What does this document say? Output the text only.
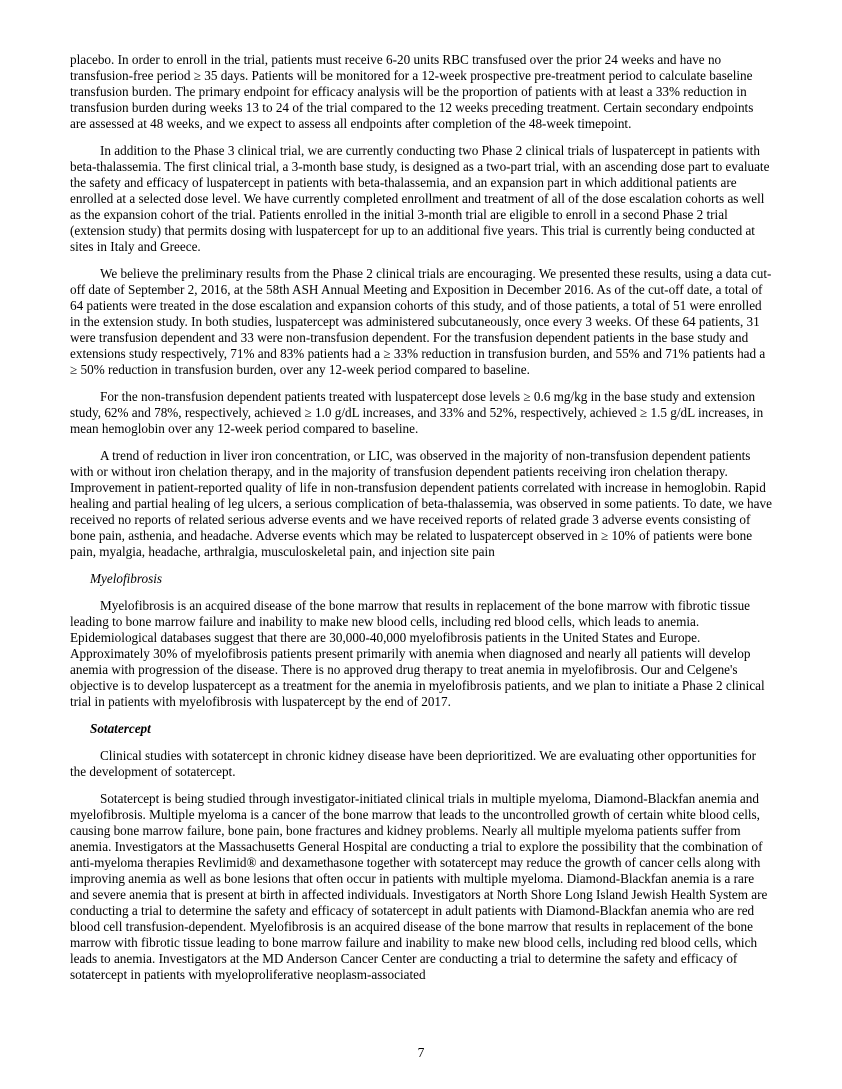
placebo. In order to enroll in the trial, patients must receive 6-20 units RBC transfused over the prior 24 weeks and have no transfusion-free period ≥ 35 days. Patients will be monitored for a 12-week prospective pre-treatment period to calculate baseline transfusion burden. The primary endpoint for efficacy analysis will be the proportion of patients with at least a 33% reduction in transfusion burden during weeks 13 to 24 of the trial compared to the 12 weeks preceding treatment. Certain secondary endpoints are assessed at 48 weeks, and we expect to assess all endpoints after completion of the 48-week timepoint.

In addition to the Phase 3 clinical trial, we are currently conducting two Phase 2 clinical trials of luspatercept in patients with beta-thalassemia. The first clinical trial, a 3-month base study, is designed as a two-part trial, with an ascending dose part to evaluate the safety and efficacy of luspatercept in patients with beta-thalassemia, and an expansion part in which additional patients are enrolled at a selected dose level. We have currently completed enrollment and treatment of all of the dose escalation cohorts as well as the expansion cohort of the trial. Patients enrolled in the initial 3-month trial are eligible to enroll in a second Phase 2 trial (extension study) that permits dosing with luspatercept for up to an additional five years. This trial is currently being conducted at sites in Italy and Greece.

We believe the preliminary results from the Phase 2 clinical trials are encouraging. We presented these results, using a data cut-off date of September 2, 2016, at the 58th ASH Annual Meeting and Exposition in December 2016. As of the cut-off date, a total of 64 patients were treated in the dose escalation and expansion cohorts of this study, and of those patients, a total of 51 were enrolled in the extension study. In both studies, luspatercept was administered subcutaneously, once every 3 weeks. Of these 64 patients, 31 were transfusion dependent and 33 were non-transfusion dependent. For the transfusion dependent patients in the base study and extensions study respectively, 71% and 83% patients had a ≥ 33% reduction in transfusion burden, and 55% and 71% patients had a ≥ 50% reduction in transfusion burden, over any 12-week period compared to baseline.

For the non-transfusion dependent patients treated with luspatercept dose levels ≥ 0.6 mg/kg in the base study and extension study, 62% and 78%, respectively, achieved ≥ 1.0 g/dL increases, and 33% and 52%, respectively, achieved ≥ 1.5 g/dL increases, in mean hemoglobin over any 12-week period compared to baseline.

A trend of reduction in liver iron concentration, or LIC, was observed in the majority of non-transfusion dependent patients with or without iron chelation therapy, and in the majority of transfusion dependent patients receiving iron chelation therapy. Improvement in patient-reported quality of life in non-transfusion dependent patients correlated with increase in hemoglobin. Rapid healing and partial healing of leg ulcers, a serious complication of beta-thalassemia, was observed in some patients. To date, we have received no reports of related serious adverse events and we have received reports of related grade 3 adverse events consisting of bone pain, asthenia, and headache. Adverse events which may be related to luspatercept observed in ≥ 10% of patients were bone pain, myalgia, headache, arthralgia, musculoskeletal pain, and injection site pain

Myelofibrosis

Myelofibrosis is an acquired disease of the bone marrow that results in replacement of the bone marrow with fibrotic tissue leading to bone marrow failure and inability to make new blood cells, including red blood cells, which leads to anemia. Epidemiological databases suggest that there are 30,000-40,000 myelofibrosis patients in the United States and Europe. Approximately 30% of myelofibrosis patients present primarily with anemia when diagnosed and nearly all patients will develop anemia with progression of the disease. There is no approved drug therapy to treat anemia in myelofibrosis. Our and Celgene's objective is to develop luspatercept as a treatment for the anemia in myelofibrosis patients, and we plan to initiate a Phase 2 clinical trial in patients with myelofibrosis with luspatercept by the end of 2017.

Sotatercept

Clinical studies with sotatercept in chronic kidney disease have been deprioritized. We are evaluating other opportunities for the development of sotatercept.

Sotatercept is being studied through investigator-initiated clinical trials in multiple myeloma, Diamond-Blackfan anemia and myelofibrosis. Multiple myeloma is a cancer of the bone marrow that leads to the uncontrolled growth of certain white blood cells, causing bone marrow failure, bone pain, bone fractures and kidney problems. Nearly all multiple myeloma patients suffer from anemia. Investigators at the Massachusetts General Hospital are conducting a trial to explore the possibility that the combination of anti-myeloma therapies Revlimid® and dexamethasone together with sotatercept may reduce the growth of cancer cells along with improving anemia as well as bone lesions that often occur in patients with multiple myeloma. Diamond-Blackfan anemia is a rare and severe anemia that is present at birth in affected individuals. Investigators at North Shore Long Island Jewish Health System are conducting a trial to determine the safety and efficacy of sotatercept in adult patients with Diamond-Blackfan anemia who are red blood cell transfusion-dependent. Myelofibrosis is an acquired disease of the bone marrow that results in replacement of the bone marrow with fibrotic tissue leading to bone marrow failure and inability to make new blood cells, including red blood cells, which leads to anemia. Investigators at the MD Anderson Cancer Center are conducting a trial to determine the safety and efficacy of sotatercept in patients with myeloproliferative neoplasm-associated

7
